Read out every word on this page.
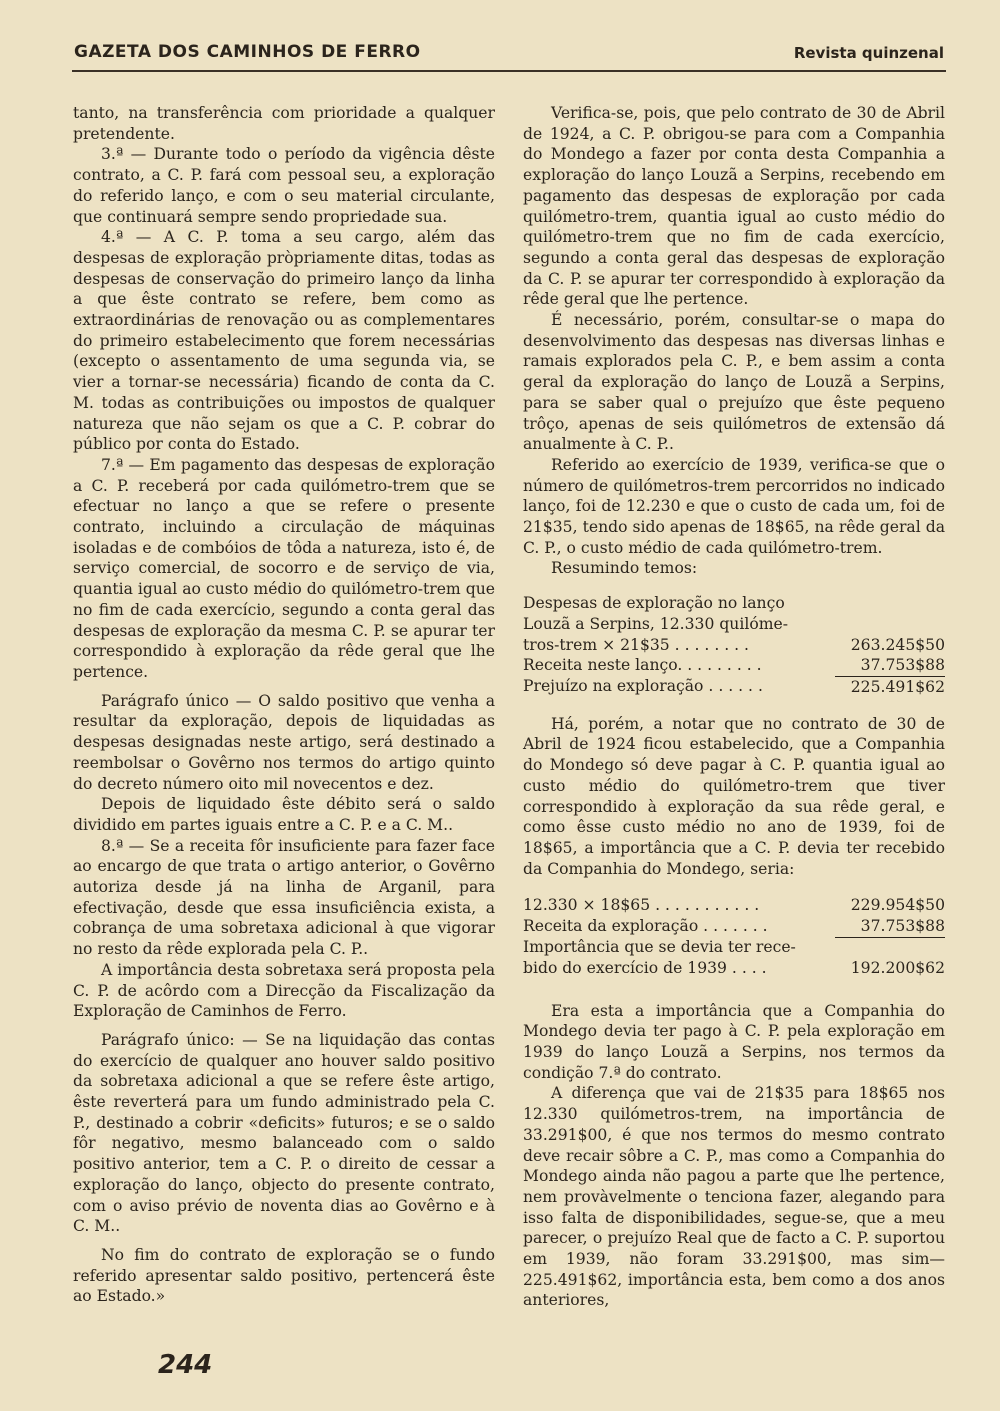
GAZETA DOS CAMINHOS DE FERRO	Revista quinzenal

tanto, na transferência com prioridade a qualquer pretendente.

3.ª — Durante todo o período da vigência dêste contrato, a C. P. fará com pessoal seu, a exploração do referido lanço, e com o seu material circulante, que continuará sempre sendo propriedade sua.

4.ª — A C. P. toma a seu cargo, além das despesas de exploração pròpriamente ditas, todas as despesas de conservação do primeiro lanço da linha a que êste contrato se refere, bem como as extraordinárias de renovação ou as complementares do primeiro estabelecimento que forem necessárias (excepto o assentamento de uma segunda via, se vier a tornar-se necessária) ficando de conta da C. M. todas as contribuições ou impostos de qualquer natureza que não sejam os que a C. P. cobrar do público por conta do Estado.

7.ª — Em pagamento das despesas de exploração a C. P. receberá por cada quilómetro-trem que se efectuar no lanço a que se refere o presente contrato, incluindo a circulação de máquinas isoladas e de combóios de tôda a natureza, isto é, de serviço comercial, de socorro e de serviço de via, quantia igual ao custo médio do quilómetro-trem que no fim de cada exercício, segundo a conta geral das despesas de exploração da mesma C. P. se apurar ter correspondido à exploração da rêde geral que lhe pertence.

Parágrafo único — O saldo positivo que venha a resultar da exploração, depois de liquidadas as despesas designadas neste artigo, será destinado a reembolsar o Govêrno nos termos do artigo quinto do decreto número oito mil novecentos e dez.

Depois de liquidado êste débito será o saldo dividido em partes iguais entre a C. P. e a C. M..

8.ª — Se a receita fôr insuficiente para fazer face ao encargo de que trata o artigo anterior, o Govêrno autoriza desde já na linha de Arganil, para efectivação, desde que essa insuficiência exista, a cobrança de uma sobretaxa adicional à que vigorar no resto da rêde explorada pela C. P..

A importância desta sobretaxa será proposta pela C. P. de acôrdo com a Direcção da Fiscalização da Exploração de Caminhos de Ferro.

Parágrafo único: — Se na liquidação das contas do exercício de qualquer ano houver saldo positivo da sobretaxa adicional a que se refere êste artigo, êste reverterá para um fundo administrado pela C. P., destinado a cobrir «deficits» futuros; e se o saldo fôr negativo, mesmo balanceado com o saldo positivo anterior, tem a C. P. o direito de cessar a exploração do lanço, objecto do presente contrato, com o aviso prévio de noventa dias ao Govêrno e à C. M..

No fim do contrato de exploração se o fundo referido apresentar saldo positivo, pertencerá êste ao Estado.»

Verifica-se, pois, que pelo contrato de 30 de Abril de 1924, a C. P. obrigou-se para com a Companhia do Mondego a fazer por conta desta Companhia a exploração do lanço Louzã a Serpins, recebendo em pagamento das despesas de exploração por cada quilómetro-trem, quantia igual ao custo médio do quilómetro-trem que no fim de cada exercício, segundo a conta geral das despesas de exploração da C. P. se apurar ter correspondido à exploração da rêde geral que lhe pertence.

É necessário, porém, consultar-se o mapa do desenvolvimento das despesas nas diversas linhas e ramais explorados pela C. P., e bem assim a conta geral da exploração do lanço de Louzã a Serpins, para se saber qual o prejuízo que êste pequeno trôço, apenas de seis quilómetros de extensão dá anualmente à C. P..

Referido ao exercício de 1939, verifica-se que o número de quilómetros-trem percorridos no indicado lanço, foi de 12.230 e que o custo de cada um, foi de 21$35, tendo sido apenas de 18$65, na rêde geral da C. P., o custo médio de cada quilómetro-trem.

Resumindo temos:

Despesas de exploração no lanço	
Louzã a Serpins, 12.330 quilóme-	
tros-trem × 21$35 . . . . . . . .	263.245$50
Receita neste lanço. . . . . . . . .	37.753$88
Prejuízo na exploração . . . . . .	225.491$62

Há, porém, a notar que no contrato de 30 de Abril de 1924 ficou estabelecido, que a Companhia do Mondego só deve pagar à C. P. quantia igual ao custo médio do quilómetro-trem que tiver correspondido à exploração da sua rêde geral, e como êsse custo médio no ano de 1939, foi de 18$65, a importância que a C. P. devia ter recebido da Companhia do Mondego, seria:

12.330 × 18$65 . . . . . . . . . . .	229.954$50
Receita da exploração . . . . . . .	37.753$88
Importância que se devia ter rece-	
bido do exercício de 1939 . . . .	192.200$62

Era esta a importância que a Companhia do Mondego devia ter pago à C. P. pela exploração em 1939 do lanço Louzã a Serpins, nos termos da condição 7.ª do contrato.

A diferença que vai de 21$35 para 18$65 nos 12.330 quilómetros-trem, na importância de 33.291$00, é que nos termos do mesmo contrato deve recair sôbre a C. P., mas como a Companhia do Mondego ainda não pagou a parte que lhe pertence, nem provàvelmente o tenciona fazer, alegando para isso falta de disponibilidades, segue-se, que a meu parecer, o prejuízo Real que de facto a C. P. suportou em 1939, não foram 33.291$00, mas sim—225.491$62, importância esta, bem como a dos anos anteriores,

244
